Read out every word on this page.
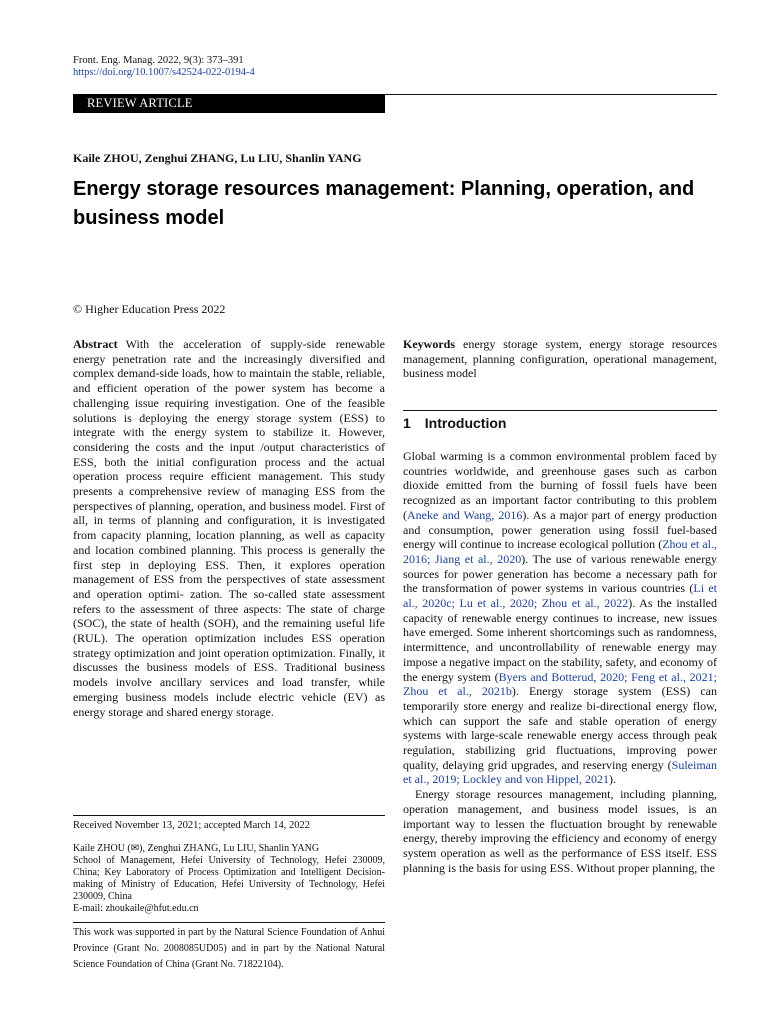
Front. Eng. Manag. 2022, 9(3): 373–391
https://doi.org/10.1007/s42524-022-0194-4
REVIEW ARTICLE
Kaile ZHOU, Zenghui ZHANG, Lu LIU, Shanlin YANG
Energy storage resources management: Planning, operation, and business model
© Higher Education Press 2022
Abstract With the acceleration of supply-side renewable energy penetration rate and the increasingly diversified and complex demand-side loads, how to maintain the stable, reliable, and efficient operation of the power system has become a challenging issue requiring investigation. One of the feasible solutions is deploying the energy storage system (ESS) to integrate with the energy system to stabilize it. However, considering the costs and the input /output characteristics of ESS, both the initial configuration process and the actual operation process require efficient management. This study presents a comprehensive review of managing ESS from the perspectives of planning, operation, and business model. First of all, in terms of planning and configuration, it is investigated from capacity planning, location planning, as well as capacity and location combined planning. This process is generally the first step in deploying ESS. Then, it explores operation management of ESS from the perspectives of state assessment and operation optimi- zation. The so-called state assessment refers to the assessment of three aspects: The state of charge (SOC), the state of health (SOH), and the remaining useful life (RUL). The operation optimization includes ESS operation strategy optimization and joint operation optimization. Finally, it discusses the business models of ESS. Traditional business models involve ancillary services and load transfer, while emerging business models include electric vehicle (EV) as energy storage and shared energy storage.
Received November 13, 2021; accepted March 14, 2022
Kaile ZHOU (✉), Zenghui ZHANG, Lu LIU, Shanlin YANG
School of Management, Hefei University of Technology, Hefei 230009, China; Key Laboratory of Process Optimization and Intelligent Decision-making of Ministry of Education, Hefei University of Technology, Hefei 230009, China
E-mail: zhoukaile@hfut.edu.cn
This work was supported in part by the Natural Science Foundation of Anhui Province (Grant No. 2008085UD05) and in part by the National Natural Science Foundation of China (Grant No. 71822104).
Keywords energy storage system, energy storage resources management, planning configuration, operational management, business model
1 Introduction

Global warming is a common environmental problem faced by countries worldwide, and greenhouse gases such as carbon dioxide emitted from the burning of fossil fuels have been recognized as an important factor contributing to this problem (Aneke and Wang, 2016). As a major part of energy production and consumption, power generation using fossil fuel-based energy will continue to increase ecological pollution (Zhou et al., 2016; Jiang et al., 2020). The use of various renewable energy sources for power generation has become a necessary path for the transformation of power systems in various countries (Li et al., 2020c; Lu et al., 2020; Zhou et al., 2022). As the installed capacity of renewable energy continues to increase, new issues have emerged. Some inherent shortcomings such as randomness, intermittence, and uncontrollability of renewable energy may impose a negative impact on the stability, safety, and economy of the energy system (Byers and Botterud, 2020; Feng et al., 2021; Zhou et al., 2021b). Energy storage system (ESS) can temporarily store energy and realize bi-directional energy flow, which can support the safe and stable operation of energy systems with large-scale renewable energy access through peak regulation, stabilizing grid fluctuations, improving power quality, delaying grid upgrades, and reserving energy (Suleiman et al., 2019; Lockley and von Hippel, 2021).

Energy storage resources management, including planning, operation management, and business model issues, is an important way to lessen the fluctuation brought by renewable energy, thereby improving the efficiency and economy of energy system operation as well as the performance of ESS itself. ESS planning is the basis for using ESS. Without proper planning, the
